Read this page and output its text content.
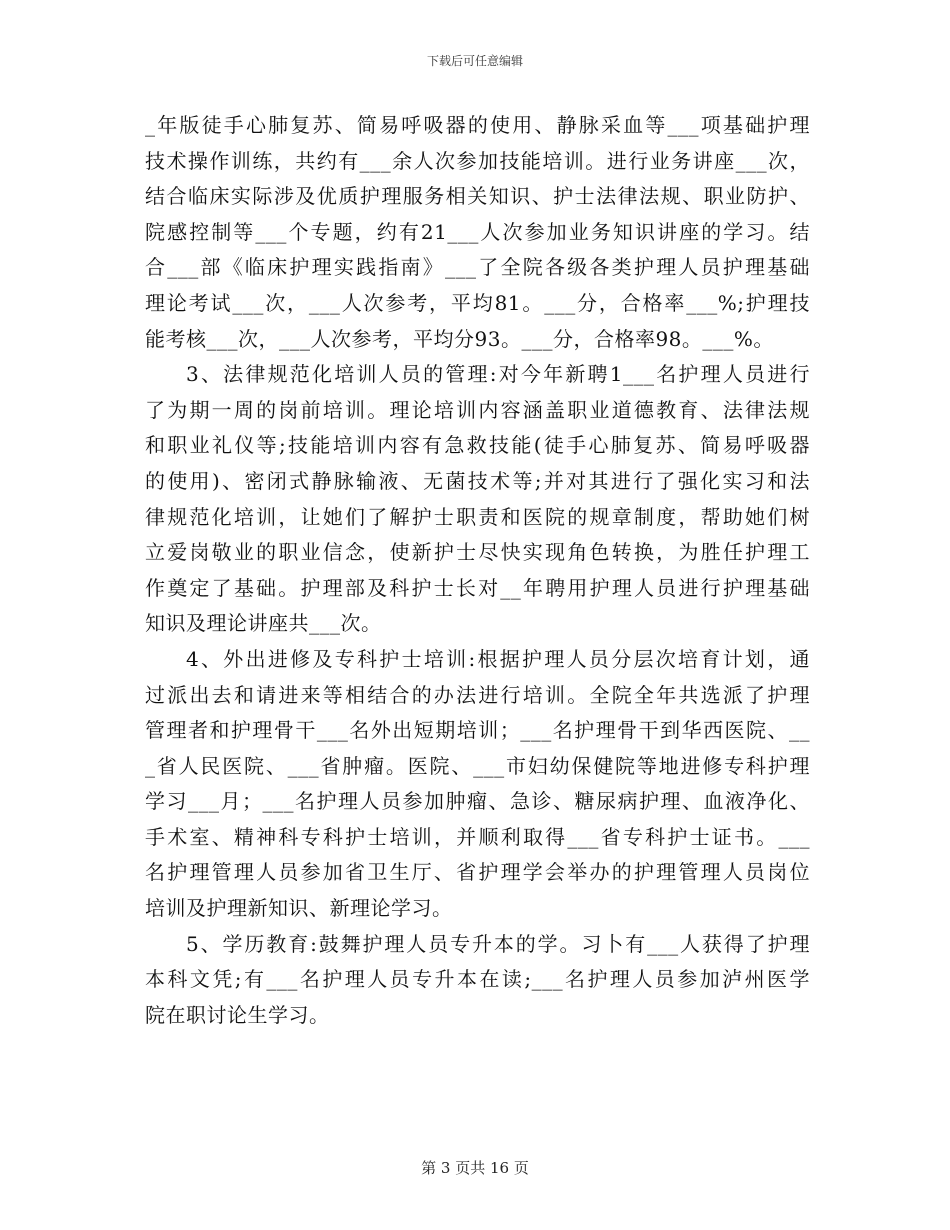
下载后可任意编辑
_年版徒手心肺复苏、简易呼吸器的使用、静脉采血等___项基础护理
技术操作训练，共约有___余人次参加技能培训。进行业务讲座___次，
结合临床实际涉及优质护理服务相关知识、护士法律法规、职业防护、
院感控制等___个专题，约有21___人次参加业务知识讲座的学习。结
合___部《临床护理实践指南》___了全院各级各类护理人员护理基础
理论考试___次，___人次参考，平均81。___分，合格率___%;护理技
能考核___次，___人次参考，平均分93。___分，合格率98。___%。
3、法律规范化培训人员的管理:对今年新聘1___名护理人员进行
了为期一周的岗前培训。理论培训内容涵盖职业道德教育、法律法规
和职业礼仪等;技能培训内容有急救技能(徒手心肺复苏、简易呼吸器
的使用)、密闭式静脉输液、无菌技术等;并对其进行了强化实习和法
律规范化培训，让她们了解护士职责和医院的规章制度，帮助她们树
立爱岗敬业的职业信念，使新护士尽快实现角色转换，为胜任护理工
作奠定了基础。护理部及科护士长对__年聘用护理人员进行护理基础
知识及理论讲座共___次。
4、外出进修及专科护士培训:根据护理人员分层次培育计划，通
过派出去和请进来等相结合的办法进行培训。全院全年共选派了护理
管理者和护理骨干___名外出短期培训；___名护理骨干到华西医院、__
_省人民医院、___省肿瘤。医院、___市妇幼保健院等地进修专科护理
学习___月；___名护理人员参加肿瘤、急诊、糖尿病护理、血液净化、
手术室、精神科专科护士培训，并顺利取得___省专科护士证书。___
名护理管理人员参加省卫生厅、省护理学会举办的护理管理人员岗位
培训及护理新知识、新理论学习。
5、学历教育:鼓舞护理人员专升本的学。习卜有___人获得了护理
本科文凭;有___名护理人员专升本在读;___名护理人员参加泸州医学
院在职讨论生学习。
第 3 页共 16 页
